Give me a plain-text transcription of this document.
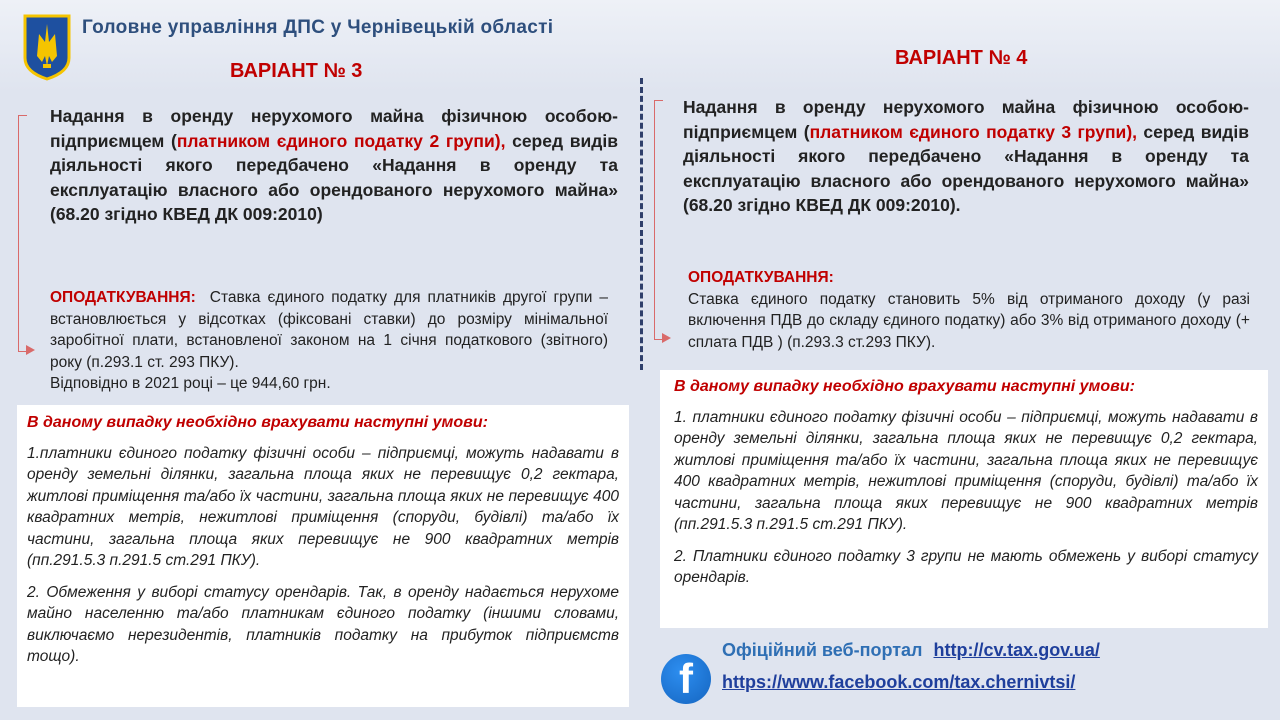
Головне управління ДПС у Чернівецькій області
ВАРІАНТ № 3
ВАРІАНТ № 4
Надання в оренду нерухомого майна фізичною особою-підприємцем (платником єдиного податку 2 групи), серед видів діяльності якого передбачено «Надання в оренду та експлуатацію власного або орендованого нерухомого майна» (68.20 згідно КВЕД ДК 009:2010)
Надання в оренду нерухомого майна фізичною особою-підприємцем (платником єдиного податку 3 групи), серед видів діяльності якого передбачено «Надання в оренду та експлуатацію власного або орендованого нерухомого майна» (68.20 згідно КВЕД ДК 009:2010).
ОПОДАТКУВАННЯ: Ставка єдиного податку для платників другої групи – встановлюється у відсотках (фіксовані ставки) до розміру мінімальної заробітної плати, встановленої законом на 1 січня податкового (звітного) року (п.293.1 ст. 293 ПКУ).
Відповідно в 2021 році – це 944,60 грн.
ОПОДАТКУВАННЯ:
Ставка єдиного податку становить 5% від отриманого доходу (у разі включення ПДВ до складу єдиного податку) або 3% від отриманого доходу (+ сплата ПДВ ) (п.293.3 ст.293 ПКУ).
В даному випадку необхідно врахувати наступні умови:

1.платники єдиного податку фізичні особи – підприємці, можуть надавати в оренду земельні ділянки, загальна площа яких не перевищує 0,2 гектара, житлові приміщення та/або їх частини, загальна площа яких не перевищує 400 квадратних метрів, нежитлові приміщення (споруди, будівлі) та/або їх частини, загальна площа яких перевищує не 900 квадратних метрів (пп.291.5.3 п.291.5 ст.291 ПКУ).

2. Обмеження у виборі статусу орендарів. Так, в оренду надається нерухоме майно населенню та/або платникам єдиного податку (іншими словами, виключаємо нерезидентів, платників податку на прибуток підприємств тощо).

В даному випадку необхідно врахувати наступні умови:

1. платники єдиного податку фізичні особи – підприємці, можуть надавати в оренду земельні ділянки, загальна площа яких не перевищує 0,2 гектара, житлові приміщення та/або їх частини, загальна площа яких не перевищує 400 квадратних метрів, нежитлові приміщення (споруди, будівлі) та/або їх частини, загальна площа яких перевищує не 900 квадратних метрів (пп.291.5.3 п.291.5 ст.291 ПКУ).

2. Платники єдиного податку 3 групи не мають обмежень у виборі статусу орендарів.

f
Офіційний веб-портал http://cv.tax.gov.ua/
https://www.facebook.com/tax.chernivtsi/
